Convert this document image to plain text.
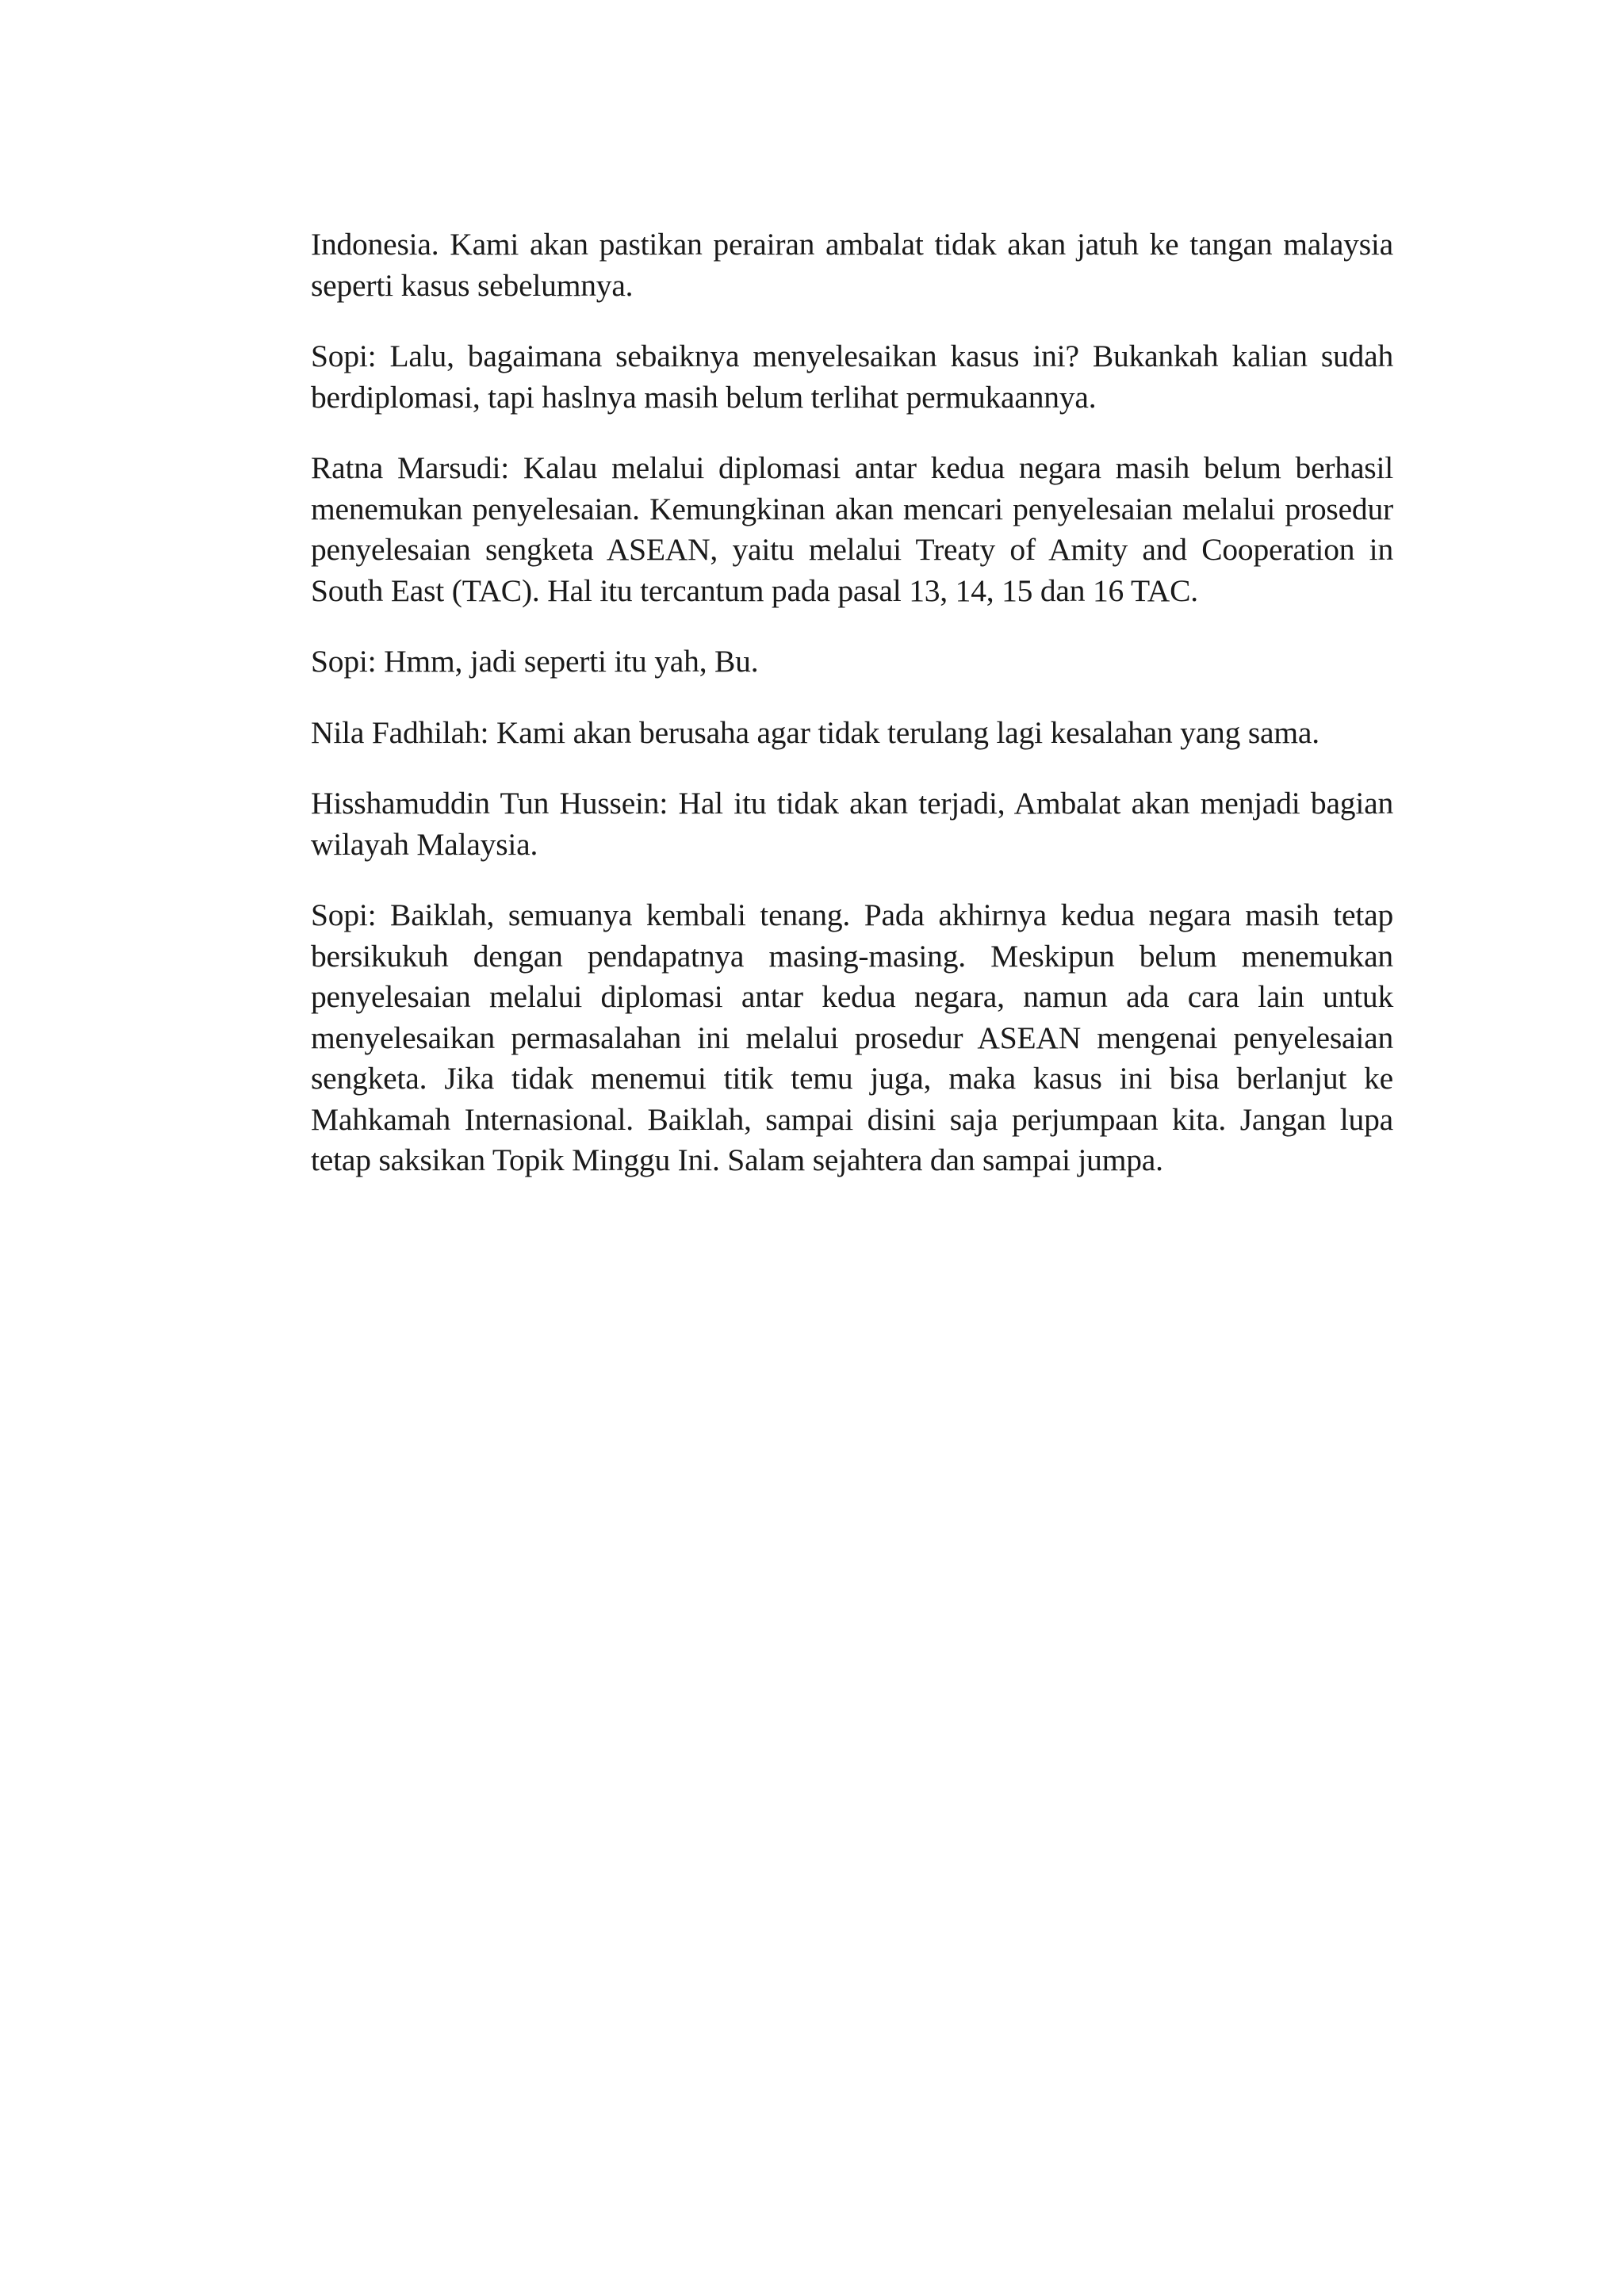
Indonesia. Kami akan pastikan perairan ambalat tidak akan jatuh ke tangan malaysia seperti kasus sebelumnya.

Sopi: Lalu, bagaimana sebaiknya menyelesaikan kasus ini? Bukankah kalian sudah berdiplomasi, tapi haslnya masih belum terlihat permukaannya.

Ratna Marsudi: Kalau melalui diplomasi antar kedua negara masih belum berhasil menemukan penyelesaian. Kemungkinan akan mencari penyelesaian melalui prosedur penyelesaian sengketa ASEAN, yaitu melalui Treaty of Amity and Cooperation in South East (TAC). Hal itu tercantum pada pasal 13, 14, 15 dan 16 TAC.

Sopi: Hmm, jadi seperti itu yah, Bu.

Nila Fadhilah: Kami akan berusaha agar tidak terulang lagi kesalahan yang sama.

Hisshamuddin Tun Hussein: Hal itu tidak akan terjadi, Ambalat akan menjadi bagian wilayah Malaysia.

Sopi: Baiklah, semuanya kembali tenang. Pada akhirnya kedua negara masih tetap bersikukuh dengan pendapatnya masing-masing. Meskipun belum menemukan penyelesaian melalui diplomasi antar kedua negara, namun ada cara lain untuk menyelesaikan permasalahan ini melalui prosedur ASEAN mengenai penyelesaian sengketa. Jika tidak menemui titik temu juga, maka kasus ini bisa berlanjut ke Mahkamah Internasional. Baiklah, sampai disini saja perjumpaan kita. Jangan lupa tetap saksikan Topik Minggu Ini. Salam sejahtera dan sampai jumpa.
